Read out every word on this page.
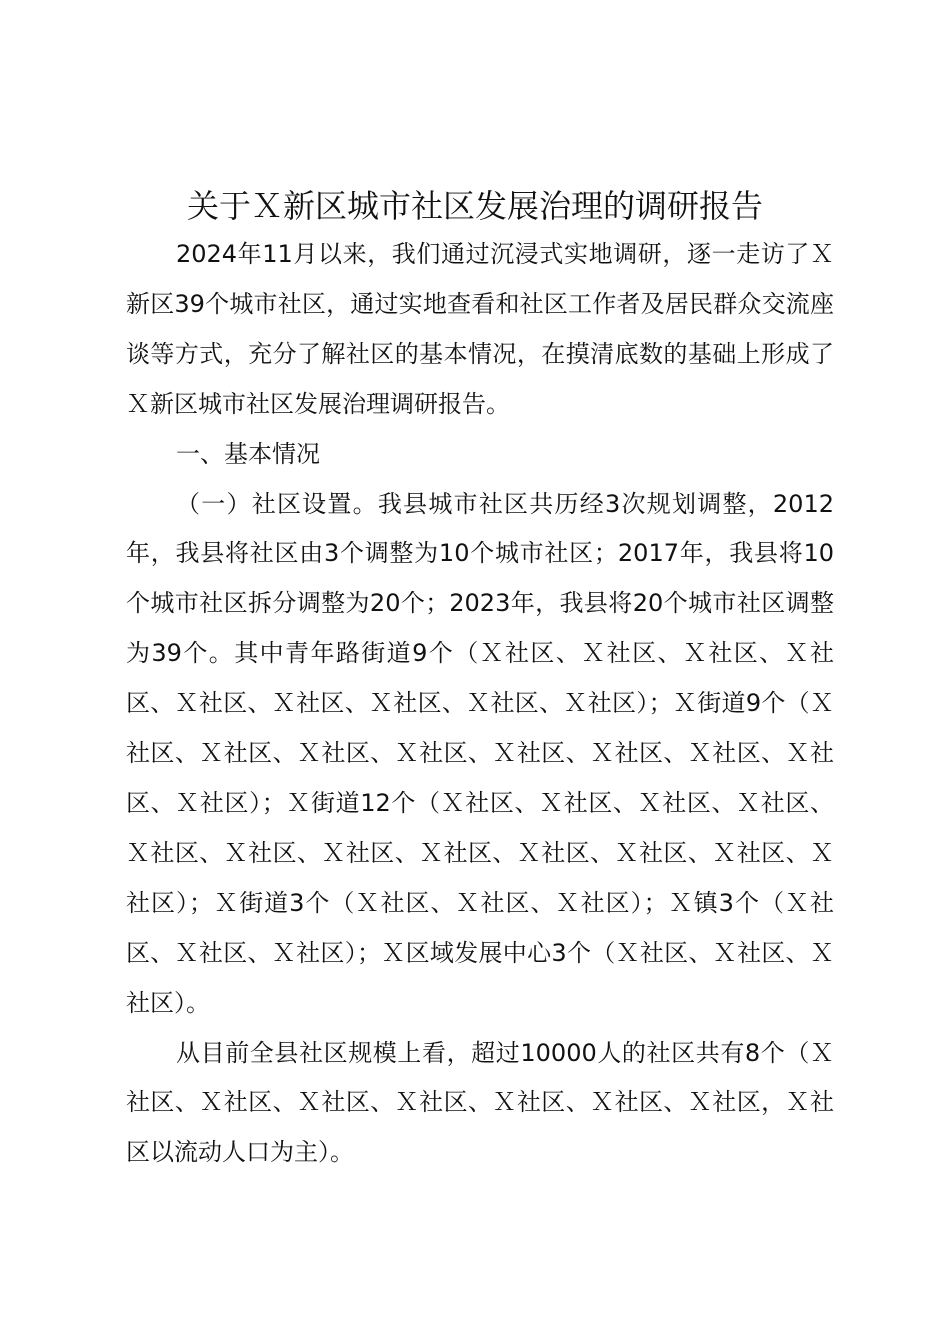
关于Ｘ新区城市社区发展治理的调研报告

2024年11月以来，我们通过沉浸式实地调研，逐一走访了Ｘ新区39个城市社区，通过实地查看和社区工作者及居民群众交流座谈等方式，充分了解社区的基本情况，在摸清底数的基础上形成了Ｘ新区城市社区发展治理调研报告。

一、基本情况

（一）社区设置。我县城市社区共历经3次规划调整，2012年，我县将社区由3个调整为10个城市社区；2017年，我县将10个城市社区拆分调整为20个；2023年，我县将20个城市社区调整为39个。其中青年路街道9个（Ｘ社区、Ｘ社区、Ｘ社区、Ｘ社区、Ｘ社区、Ｘ社区、Ｘ社区、Ｘ社区、Ｘ社区）；Ｘ街道9个（Ｘ社区、Ｘ社区、Ｘ社区、Ｘ社区、Ｘ社区、Ｘ社区、Ｘ社区、Ｘ社区、Ｘ社区）；Ｘ街道12个（Ｘ社区、Ｘ社区、Ｘ社区、Ｘ社区、Ｘ社区、Ｘ社区、Ｘ社区、Ｘ社区、Ｘ社区、Ｘ社区、Ｘ社区、Ｘ社区）；Ｘ街道3个（Ｘ社区、Ｘ社区、Ｘ社区）；Ｘ镇3个（Ｘ社区、Ｘ社区、Ｘ社区）；Ｘ区域发展中心3个（Ｘ社区、Ｘ社区、Ｘ社区）。

从目前全县社区规模上看，超过10000人的社区共有8个（Ｘ社区、Ｘ社区、Ｘ社区、Ｘ社区、Ｘ社区、Ｘ社区、Ｘ社区，Ｘ社区以流动人口为主）。
